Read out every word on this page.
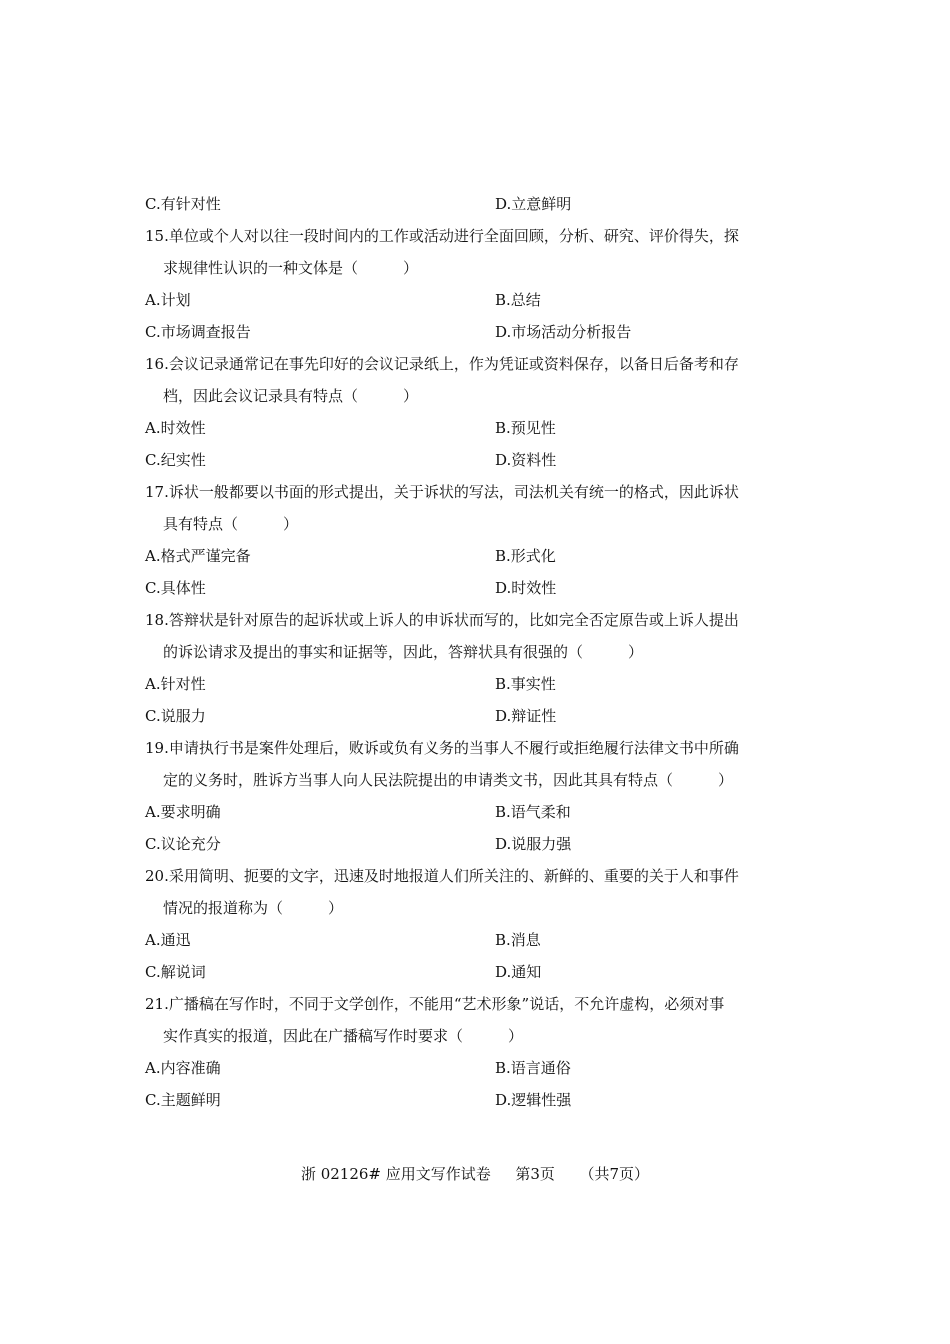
C.有针对性	D.立意鲜明
15.单位或个人对以往一段时间内的工作或活动进行全面回顾，分析、研究、评价得失，探
求规律性认识的一种文体是（　　　）
A.计划	B.总结
C.市场调查报告	D.市场活动分析报告
16.会议记录通常记在事先印好的会议记录纸上，作为凭证或资料保存，以备日后备考和存
档，因此会议记录具有特点（　　　）
A.时效性	B.预见性
C.纪实性	D.资料性
17.诉状一般都要以书面的形式提出，关于诉状的写法，司法机关有统一的格式，因此诉状
具有特点（　　　）
A.格式严谨完备	B.形式化
C.具体性	D.时效性
18.答辩状是针对原告的起诉状或上诉人的申诉状而写的，比如完全否定原告或上诉人提出
的诉讼请求及提出的事实和证据等，因此，答辩状具有很强的（　　　）
A.针对性	B.事实性
C.说服力	D.辩证性
19.申请执行书是案件处理后，败诉或负有义务的当事人不履行或拒绝履行法律文书中所确
定的义务时，胜诉方当事人向人民法院提出的申请类文书，因此其具有特点（　　　）
A.要求明确	B.语气柔和
C.议论充分	D.说服力强
20.采用简明、扼要的文字，迅速及时地报道人们所关注的、新鲜的、重要的关于人和事件
情况的报道称为（　　　）
A.通迅	B.消息
C.解说词	D.通知
21.广播稿在写作时，不同于文学创作，不能用“艺术形象”说话，不允许虚构，必须对事
实作真实的报道，因此在广播稿写作时要求（　　　）
A.内容准确	B.语言通俗
C.主题鲜明	D.逻辑性强
浙 02126# 应用文写作试卷 　 第3页 　 （共7页）
